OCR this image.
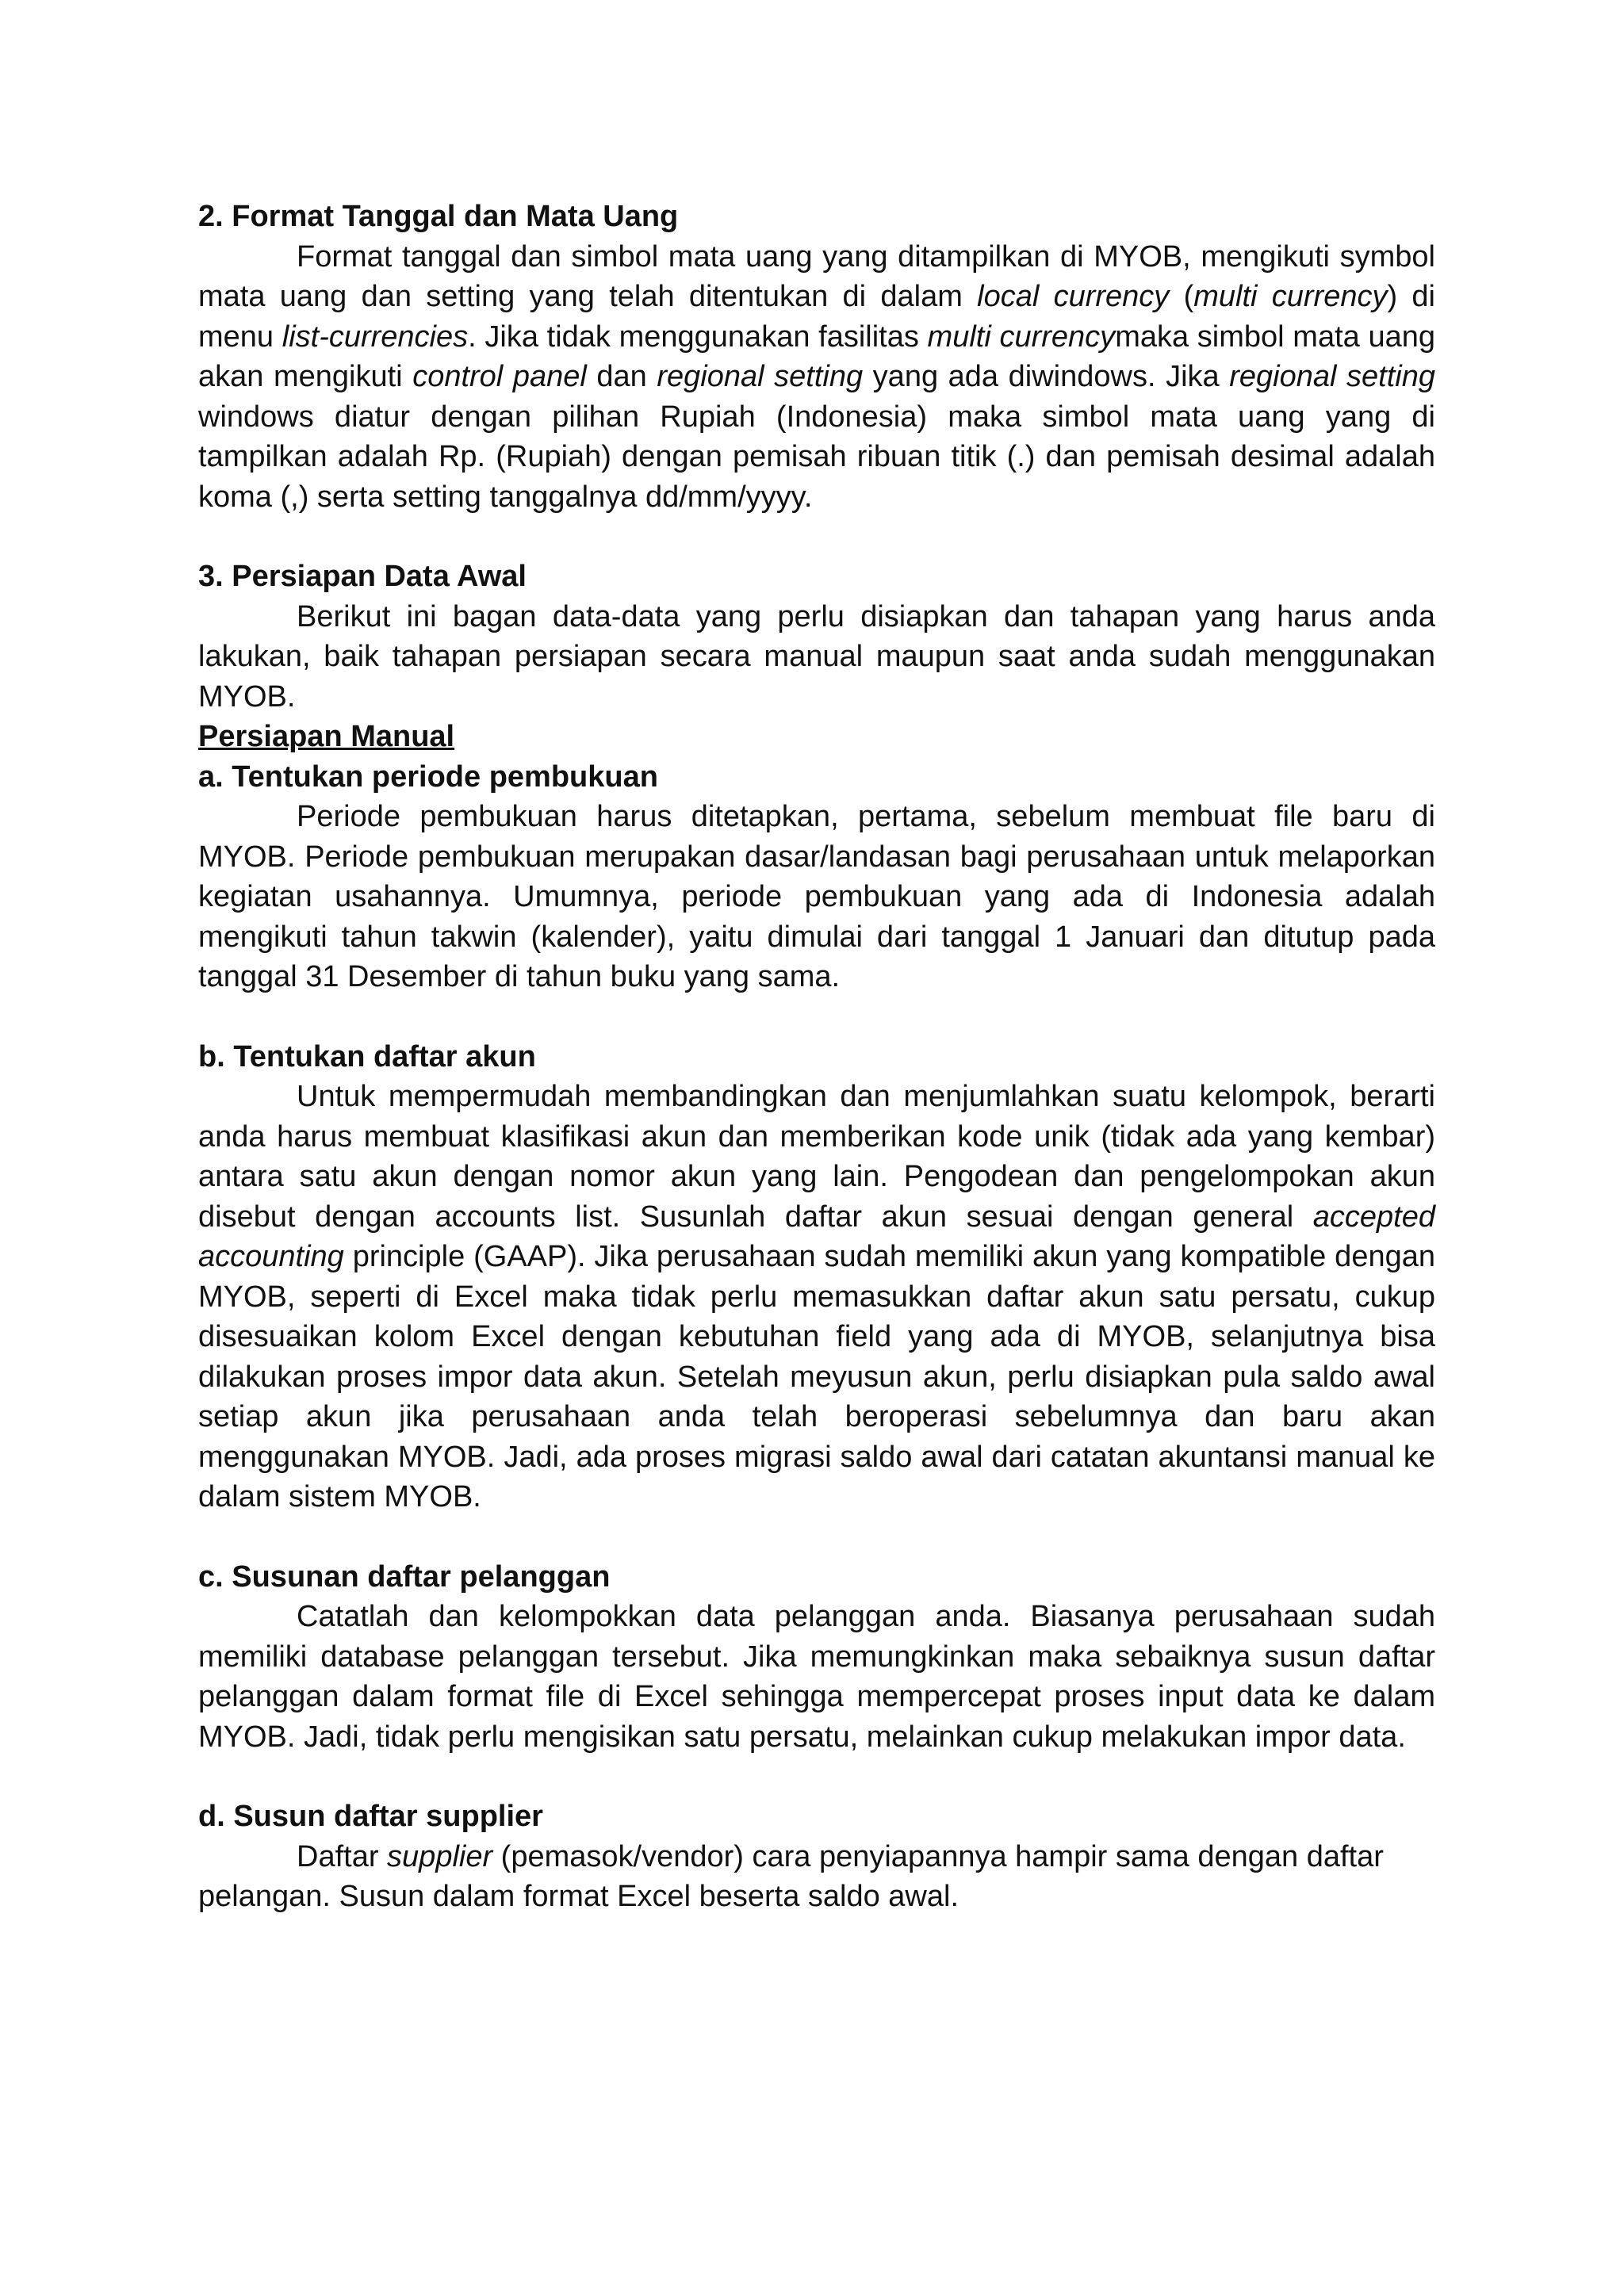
2. Format Tanggal dan Mata Uang

Format tanggal dan simbol mata uang yang ditampilkan di MYOB, mengikuti symbol mata uang dan setting yang telah ditentukan di dalam local currency (multi currency) di menu list-currencies. Jika tidak menggunakan fasilitas multi currencymaka simbol mata uang akan mengikuti control panel dan regional setting yang ada diwindows. Jika regional setting windows diatur dengan pilihan Rupiah (Indonesia) maka simbol mata uang yang di tampilkan adalah Rp. (Rupiah) dengan pemisah ribuan titik (.) dan pemisah desimal adalah koma (,) serta setting tanggalnya dd/mm/yyyy.

3. Persiapan Data Awal

Berikut ini bagan data-data yang perlu disiapkan dan tahapan yang harus anda lakukan, baik tahapan persiapan secara manual maupun saat anda sudah menggunakan MYOB.

Persiapan Manual

a. Tentukan periode pembukuan

Periode pembukuan harus ditetapkan, pertama, sebelum membuat file baru di MYOB. Periode pembukuan merupakan dasar/landasan bagi perusahaan untuk melaporkan kegiatan usahannya. Umumnya, periode pembukuan yang ada di Indonesia adalah mengikuti tahun takwin (kalender), yaitu dimulai dari tanggal 1 Januari dan ditutup pada tanggal 31 Desember di tahun buku yang sama.

b. Tentukan daftar akun

Untuk mempermudah membandingkan dan menjumlahkan suatu kelompok, berarti anda harus membuat klasifikasi akun dan memberikan kode unik (tidak ada yang kembar) antara satu akun dengan nomor akun yang lain. Pengodean dan pengelompokan akun disebut dengan accounts list. Susunlah daftar akun sesuai dengan general accepted accounting principle (GAAP). Jika perusahaan sudah memiliki akun yang kompatible dengan MYOB, seperti di Excel maka tidak perlu memasukkan daftar akun satu persatu, cukup disesuaikan kolom Excel dengan kebutuhan field yang ada di MYOB, selanjutnya bisa dilakukan proses impor data akun. Setelah meyusun akun, perlu disiapkan pula saldo awal setiap akun jika perusahaan anda telah beroperasi sebelumnya dan baru akan menggunakan MYOB. Jadi, ada proses migrasi saldo awal dari catatan akuntansi manual ke dalam sistem MYOB.

c. Susunan daftar pelanggan

Catatlah dan kelompokkan data pelanggan anda. Biasanya perusahaan sudah memiliki database pelanggan tersebut. Jika memungkinkan maka sebaiknya susun daftar pelanggan dalam format file di Excel sehingga mempercepat proses input data ke dalam MYOB. Jadi, tidak perlu mengisikan satu persatu, melainkan cukup melakukan impor data.

d. Susun daftar supplier

Daftar supplier (pemasok/vendor) cara penyiapannya hampir sama dengan daftar pelangan. Susun dalam format Excel beserta saldo awal.
